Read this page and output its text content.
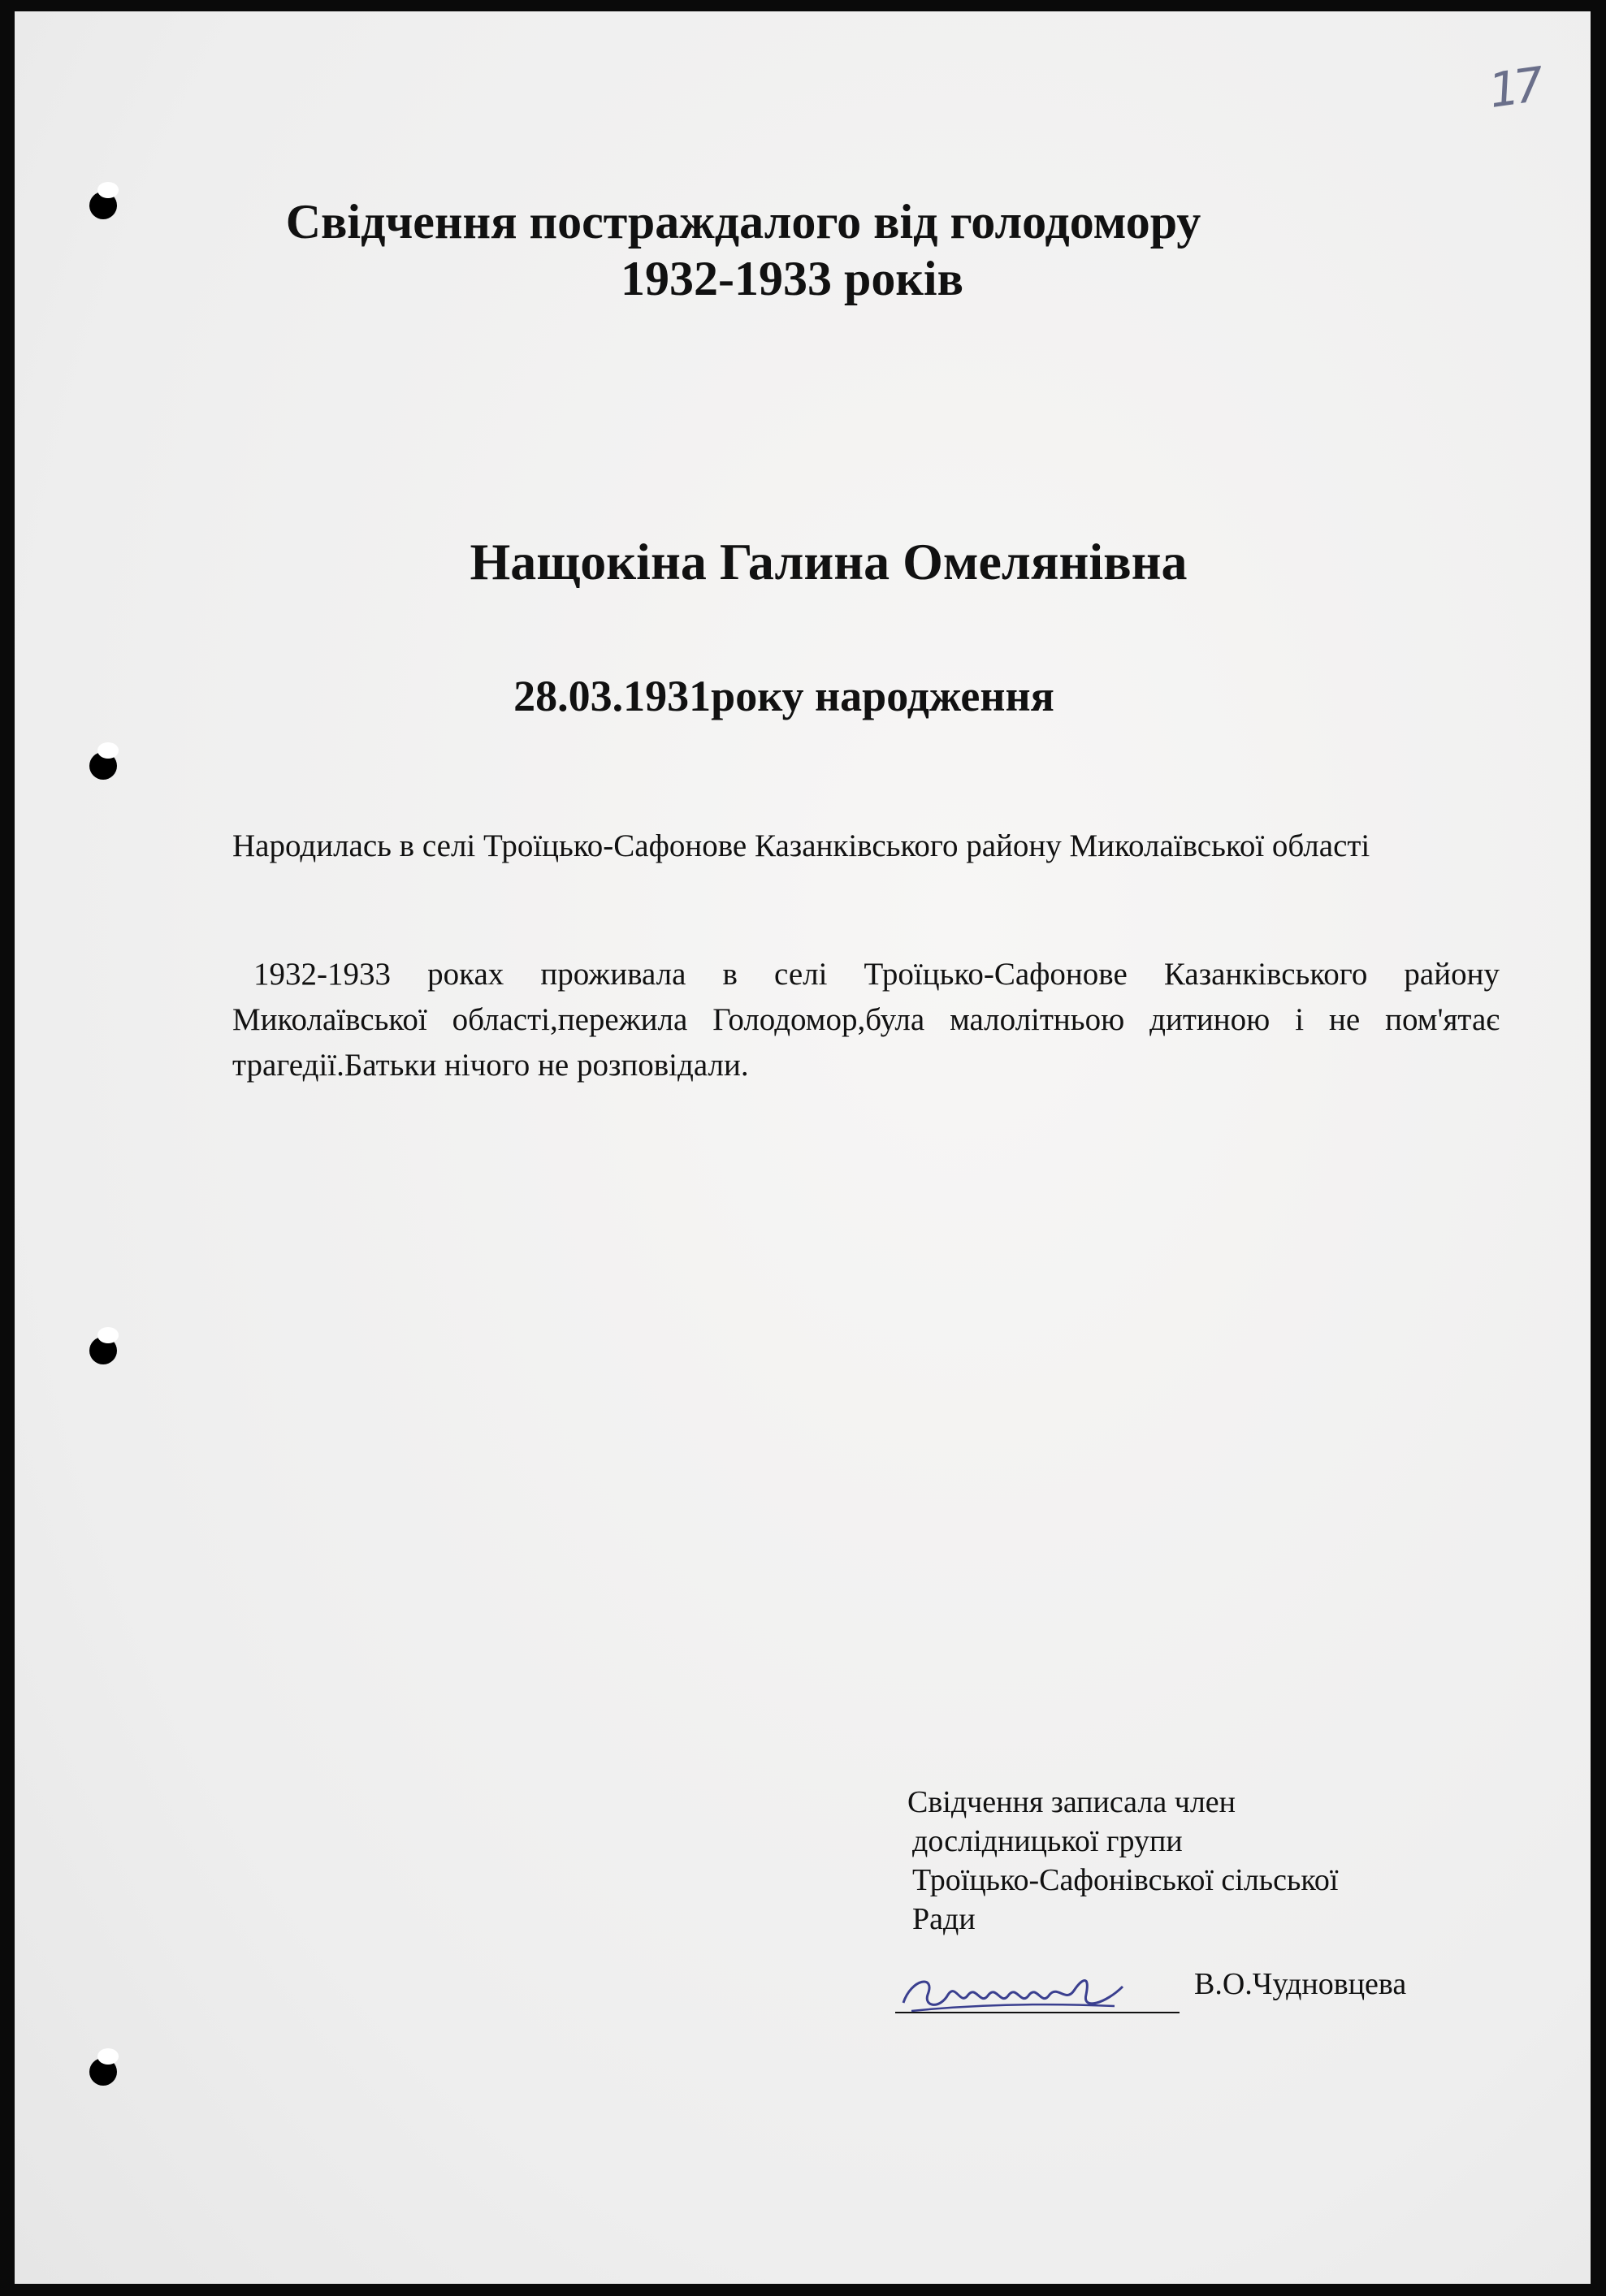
17
Свідчення постраждалого від голодомору
1932-1933 років
Нащокіна Галина Омелянівна
28.03.1931року народження
Народилась в селі Троїцько-Сафонове Казанківського району Миколаївської області
1932-1933 роках проживала в селі Троїцько-Сафонове Казанківського району Миколаївської області,пережила Голодомор,була малолітньою дитиною і не пом'ятає трагедії.Батьки нічого не розповідали.
Свідчення записала член
дослідницької групи
Троїцько-Сафонівської сільської
Ради
В.О.Чудновцева
